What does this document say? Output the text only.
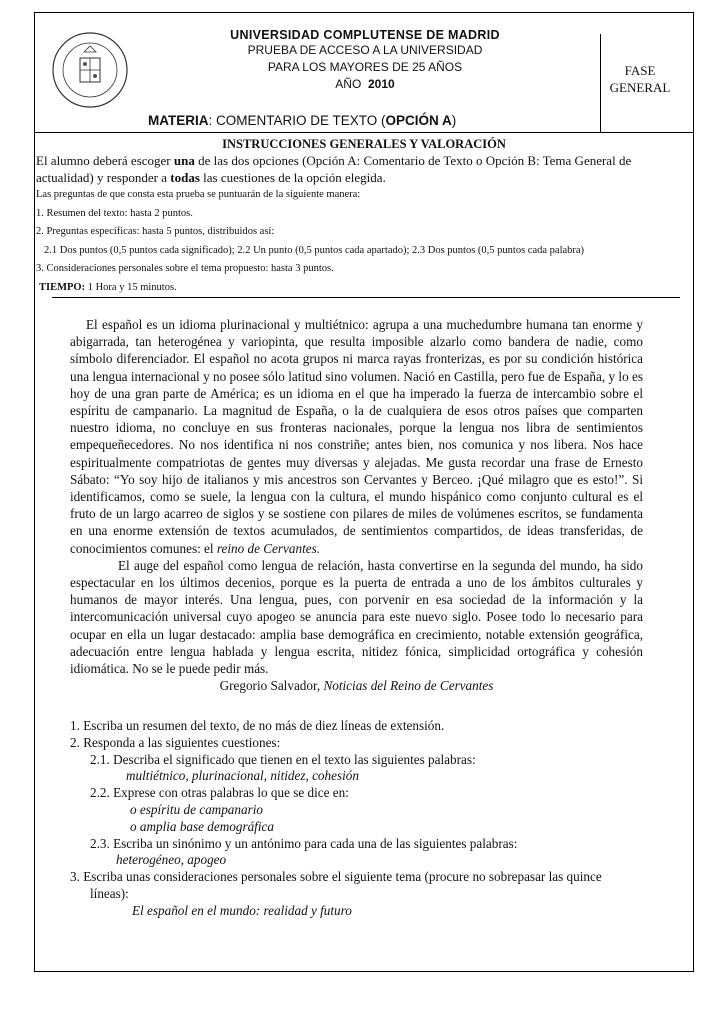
UNIVERSIDAD COMPLUTENSE DE MADRID
PRUEBA DE ACCESO A LA UNIVERSIDAD
PARA LOS MAYORES DE 25 AÑOS
AÑO 2010
FASE
GENERAL
MATERIA: COMENTARIO DE TEXTO (OPCIÓN A)
INSTRUCCIONES GENERALES Y VALORACIÓN
El alumno deberá escoger una de las dos opciones (Opción A: Comentario de Texto o Opción B: Tema General de actualidad) y responder a todas las cuestiones de la opción elegida.
Las preguntas de que consta esta prueba se puntuarán de la siguiente manera:
1. Resumen del texto: hasta 2 puntos.
2. Preguntas específicas: hasta 5 puntos, distribuidos así:
2.1 Dos puntos (0,5 puntos cada significado); 2.2 Un punto (0,5 puntos cada apartado); 2.3 Dos puntos (0,5 puntos cada palabra)
3. Consideraciones personales sobre el tema propuesto: hasta 3 puntos.
TIEMPO: 1 Hora y 15 minutos.

El español es un idioma plurinacional y multiétnico: agrupa a una muchedumbre humana tan enorme y abigarrada, tan heterogénea y variopinta, que resulta imposible alzarlo como bandera de nadie, como símbolo diferenciador. El español no acota grupos ni marca rayas fronterizas, es por su condición histórica una lengua internacional y no posee sólo latitud sino volumen. Nació en Castilla, pero fue de España, y lo es hoy de una gran parte de América; es un idioma en el que ha imperado la fuerza de intercambio sobre el espíritu de campanario. La magnitud de España, o la de cualquiera de esos otros países que comparten nuestro idioma, no concluye en sus fronteras nacionales, porque la lengua nos libra de sentimientos empequeñecedores. No nos identifica ni nos constriñe; antes bien, nos comunica y nos libera. Nos hace espiritualmente compatriotas de gentes muy diversas y alejadas. Me gusta recordar una frase de Ernesto Sábato: “Yo soy hijo de italianos y mis ancestros son Cervantes y Berceo. ¡Qué milagro que es esto!”. Si identificamos, como se suele, la lengua con la cultura, el mundo hispánico como conjunto cultural es el fruto de un largo acarreo de siglos y se sostiene con pilares de miles de volúmenes escritos, se fundamenta en una enorme extensión de textos acumulados, de sentimientos compartidos, de ideas transferidas, de conocimientos comunes: el reino de Cervantes.

El auge del español como lengua de relación, hasta convertirse en la segunda del mundo, ha sido espectacular en los últimos decenios, porque es la puerta de entrada a uno de los ámbitos culturales y humanos de mayor interés. Una lengua, pues, con porvenir en esa sociedad de la información y la intercomunicación universal cuyo apogeo se anuncia para este nuevo siglo. Posee todo lo necesario para ocupar en ella un lugar destacado: amplia base demográfica en crecimiento, notable extensión geográfica, adecuación entre lengua hablada y lengua escrita, nitidez fónica, simplicidad ortográfica y cohesión idiomática. No se le puede pedir más.

Gregorio Salvador, Noticias del Reino de Cervantes

1. Escriba un resumen del texto, de no más de diez líneas de extensión.
2. Responda a las siguientes cuestiones:
2.1. Describa el significado que tienen en el texto las siguientes palabras:
multiétnico, plurinacional, nitidez, cohesión
2.2. Exprese con otras palabras lo que se dice en:
o espíritu de campanario
o amplia base demográfica
2.3. Escriba un sinónimo y un antónimo para cada una de las siguientes palabras:
heterogéneo, apogeo
3. Escriba unas consideraciones personales sobre el siguiente tema (procure no sobrepasar las quince líneas):
El español en el mundo: realidad y futuro
